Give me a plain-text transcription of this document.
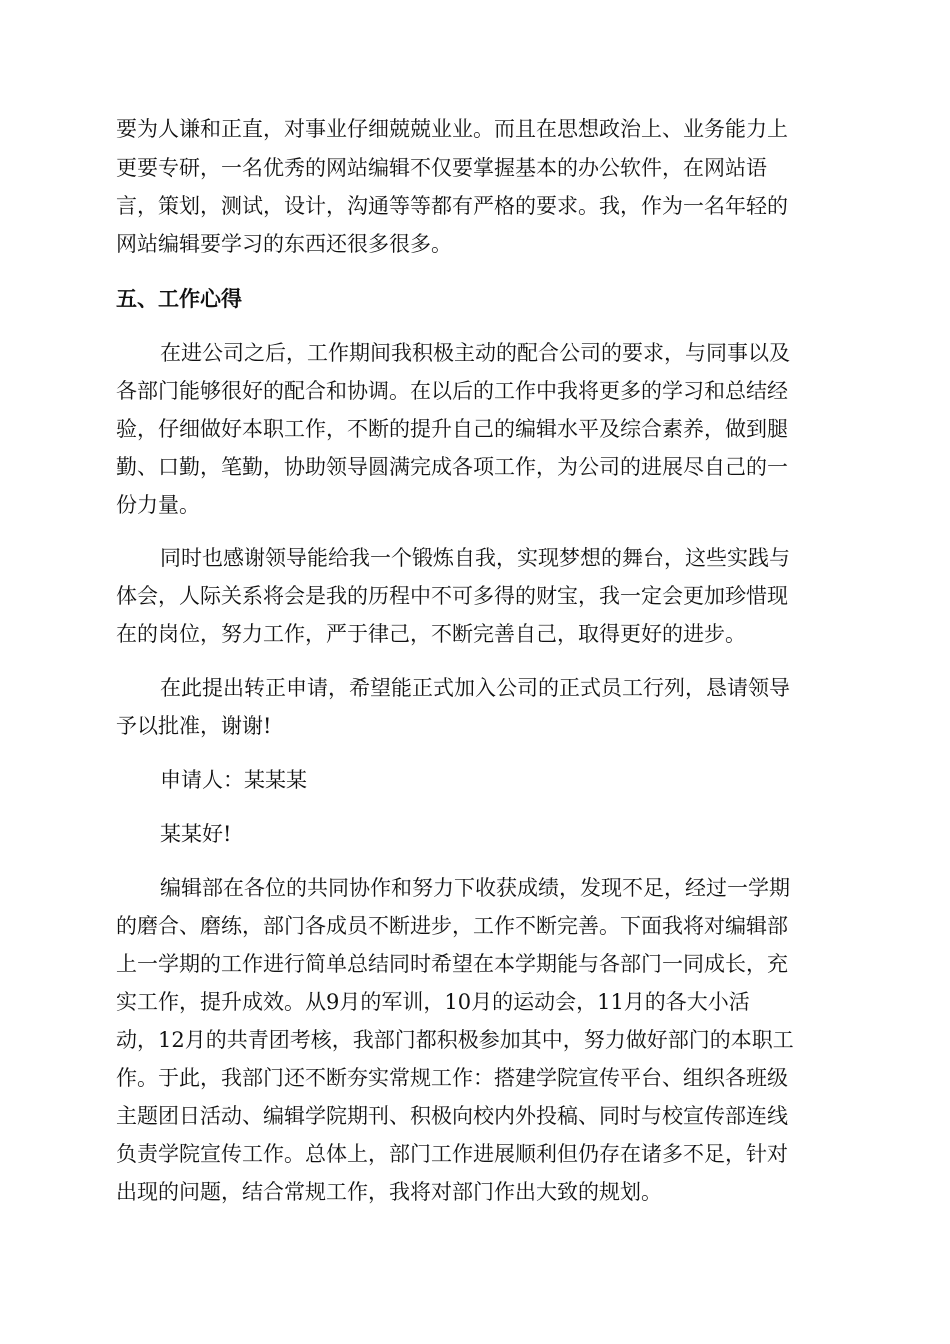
要为人谦和正直，对事业仔细兢兢业业。而且在思想政治上、业务能力上
更要专研，一名优秀的网站编辑不仅要掌握基本的办公软件，在网站语
言，策划，测试，设计，沟通等等都有严格的要求。我，作为一名年轻的
网站编辑要学习的东西还很多很多。
五、工作心得
在进公司之后，工作期间我积极主动的配合公司的要求，与同事以及
各部门能够很好的配合和协调。在以后的工作中我将更多的学习和总结经
验，仔细做好本职工作，不断的提升自己的编辑水平及综合素养，做到腿
勤、口勤，笔勤，协助领导圆满完成各项工作，为公司的进展尽自己的一
份力量。
同时也感谢领导能给我一个锻炼自我，实现梦想的舞台，这些实践与
体会，人际关系将会是我的历程中不可多得的财宝，我一定会更加珍惜现
在的岗位，努力工作，严于律己，不断完善自己，取得更好的进步。
在此提出转正申请，希望能正式加入公司的正式员工行列，恳请领导
予以批准，谢谢!
申请人：某某某
某某好!
编辑部在各位的共同协作和努力下收获成绩，发现不足，经过一学期
的磨合、磨练，部门各成员不断进步，工作不断完善。下面我将对编辑部
上一学期的工作进行简单总结同时希望在本学期能与各部门一同成长，充
实工作，提升成效。从9月的军训，10月的运动会，11月的各大小活
动，12月的共青团考核，我部门都积极参加其中，努力做好部门的本职工
作。于此，我部门还不断夯实常规工作：搭建学院宣传平台、组织各班级
主题团日活动、编辑学院期刊、积极向校内外投稿、同时与校宣传部连线
负责学院宣传工作。总体上，部门工作进展顺利但仍存在诸多不足，针对
出现的问题，结合常规工作，我将对部门作出大致的规划。
